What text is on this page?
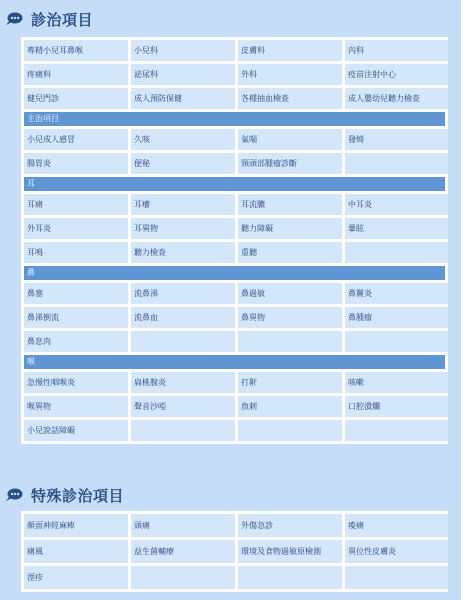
診治項目
專精小兒耳鼻喉	小兒科	皮膚科	內科
疼痛科	泌尿科	外科	疫苗注射中心
健兒門診	成人預防保健	各種抽血檢查	成人嬰幼兒聽力檢查
主治項目
小兒成人感冒	久咳	氣喘	發燒
腸胃炎	便秘	頸頭部腫瘤診斷
耳
耳痛	耳癢	耳流膿	中耳炎
外耳炎	耳異物	聽力障礙	暈眩
耳鳴	聽力檢查	重聽
鼻
鼻塞	流鼻涕	鼻過敏	鼻竇炎
鼻涕倒流	流鼻血	鼻異物	鼻腫瘤
鼻息肉
喉
急慢性咽喉炎	扁桃腺炎	打鼾	咳嗽
喉異物	聲音沙啞	魚刺	口腔潰爛
小兒說話障礙
特殊診治項目
顏面神經麻痺	頭痛	外傷急診	痠痛
痛風	益生菌輔療	環境及食物過敏原檢測	異位性皮膚炎
溼疹
